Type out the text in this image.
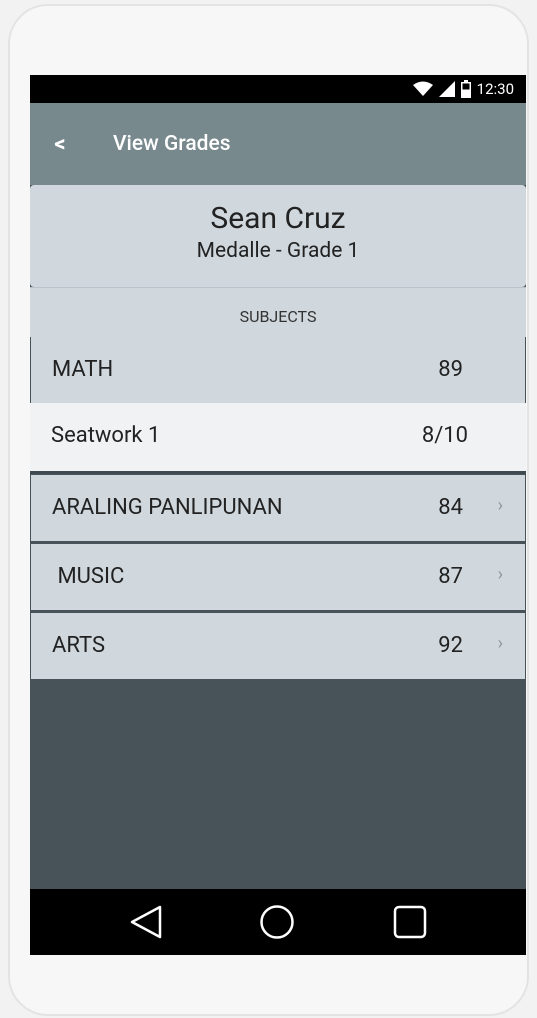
12:30
<	View Grades
Sean Cruz
Medalle - Grade 1
SUBJECTS
MATH	89
Seatwork 1	8/10
ARALING PANLIPUNAN	84 ›
MUSIC	87 ›
ARTS	92 ›
